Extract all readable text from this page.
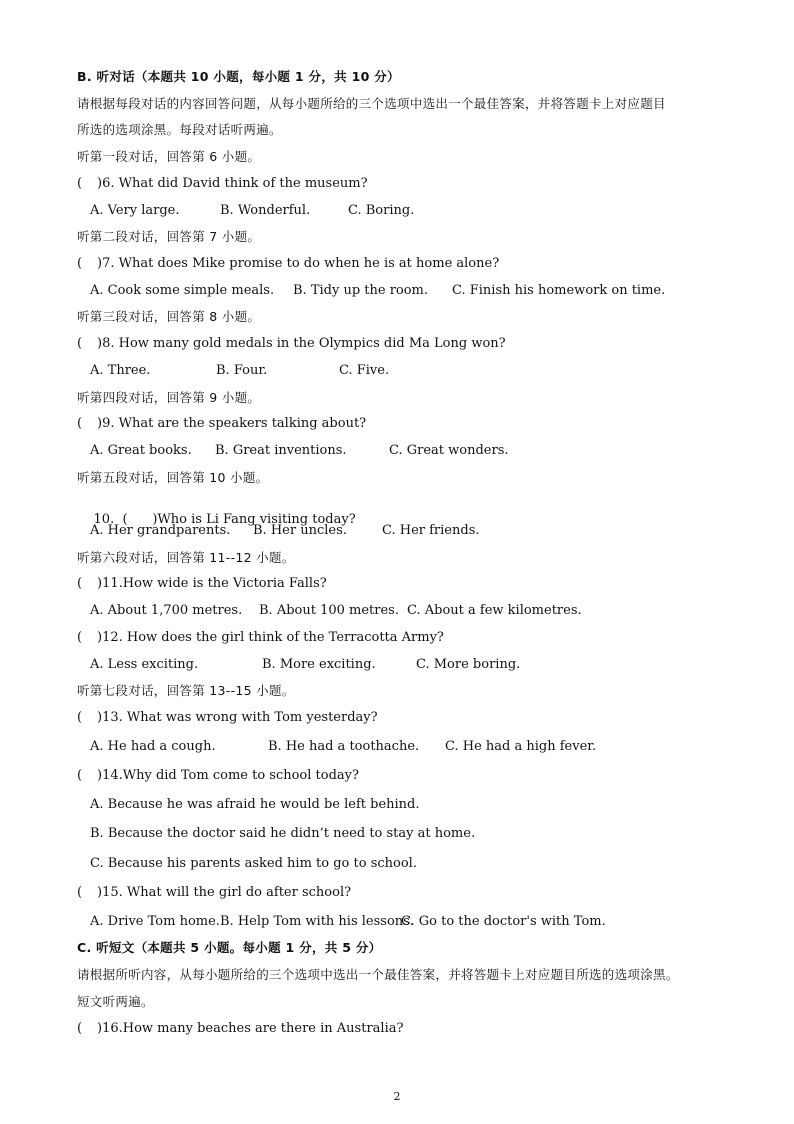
B. 听对话（本题共 10 小题，每小题 1 分，共 10 分）
请根据每段对话的内容回答问题，从每小题所给的三个选项中选出一个最佳答案，并将答题卡上对应题目
所选的选项涂黑。每段对话听两遍。
听第一段对话，回答第 6 小题。
( )6. What did David think of the museum?
A. Very large.	B. Wonderful.	C. Boring.
听第二段对话，回答第 7 小题。
( )7. What does Mike promise to do when he is at home alone?
A. Cook some simple meals. B. Tidy up the room. C. Finish his homework on time.
听第三段对话，回答第 8 小题。
( )8. How many gold medals in the Olympics did Ma Long won?
A. Three.	B. Four.	C. Five.
听第四段对话，回答第 9 小题。
( )9. What are the speakers talking about?
A. Great books. B. Great inventions.	C. Great wonders.
听第五段对话，回答第 10 小题。

10.  (      )Who is Li Fang visiting today?

A. Her grandparents. B. Her uncles.	C. Her friends.
听第六段对话，回答第 11--12 小题。
( )11.How wide is the Victoria Falls?
A. About 1,700 metres. B. About 100 metres. C. About a few kilometres.
( )12. How does the girl think of the Terracotta Army?
A. Less exciting.	B. More exciting.	C. More boring.
听第七段对话，回答第 13--15 小题。
( )13. What was wrong with Tom yesterday?
A. He had a cough.	B. He had a toothache. C. He had a high fever.
( )14.Why did Tom come to school today?
A. Because he was afraid he would be left behind.
B. Because the doctor said he didn’t need to stay at home.
C. Because his parents asked him to go to school.
( )15. What will the girl do after school?
A. Drive Tom home. B. Help Tom with his lessons.
C. Go to the doctor's with Tom.
C. 听短文（本题共 5 小题。每小题 1 分，共 5 分）
请根据所听内容，从每小题所给的三个选项中选出一个最佳答案，并将答题卡上对应题目所选的选项涂黑。
短文听两遍。
( )16.How many beaches are there in Australia?
2
